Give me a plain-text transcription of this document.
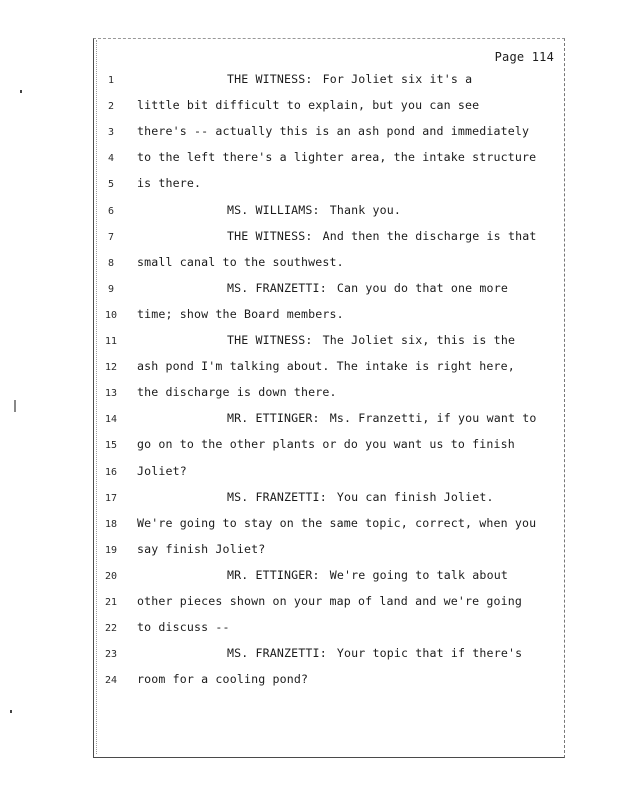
Page 114
1	THE WITNESS: For Joliet six it's a
2	little bit difficult to explain, but you can see
3	there's -- actually this is an ash pond and immediately
4	to the left there's a lighter area, the intake structure
5	is there.
6	MS. WILLIAMS: Thank you.
7	THE WITNESS: And then the discharge is that
8	small canal to the southwest.
9	MS. FRANZETTI: Can you do that one more
10	time; show the Board members.
11	THE WITNESS: The Joliet six, this is the
12	ash pond I'm talking about. The intake is right here,
13	the discharge is down there.
14	MR. ETTINGER: Ms. Franzetti, if you want to
15	go on to the other plants or do you want us to finish
16	Joliet?
17	MS. FRANZETTI: You can finish Joliet.
18	We're going to stay on the same topic, correct, when you
19	say finish Joliet?
20	MR. ETTINGER: We're going to talk about
21	other pieces shown on your map of land and we're going
22	to discuss --
23	MS. FRANZETTI: Your topic that if there's
24	room for a cooling pond?
